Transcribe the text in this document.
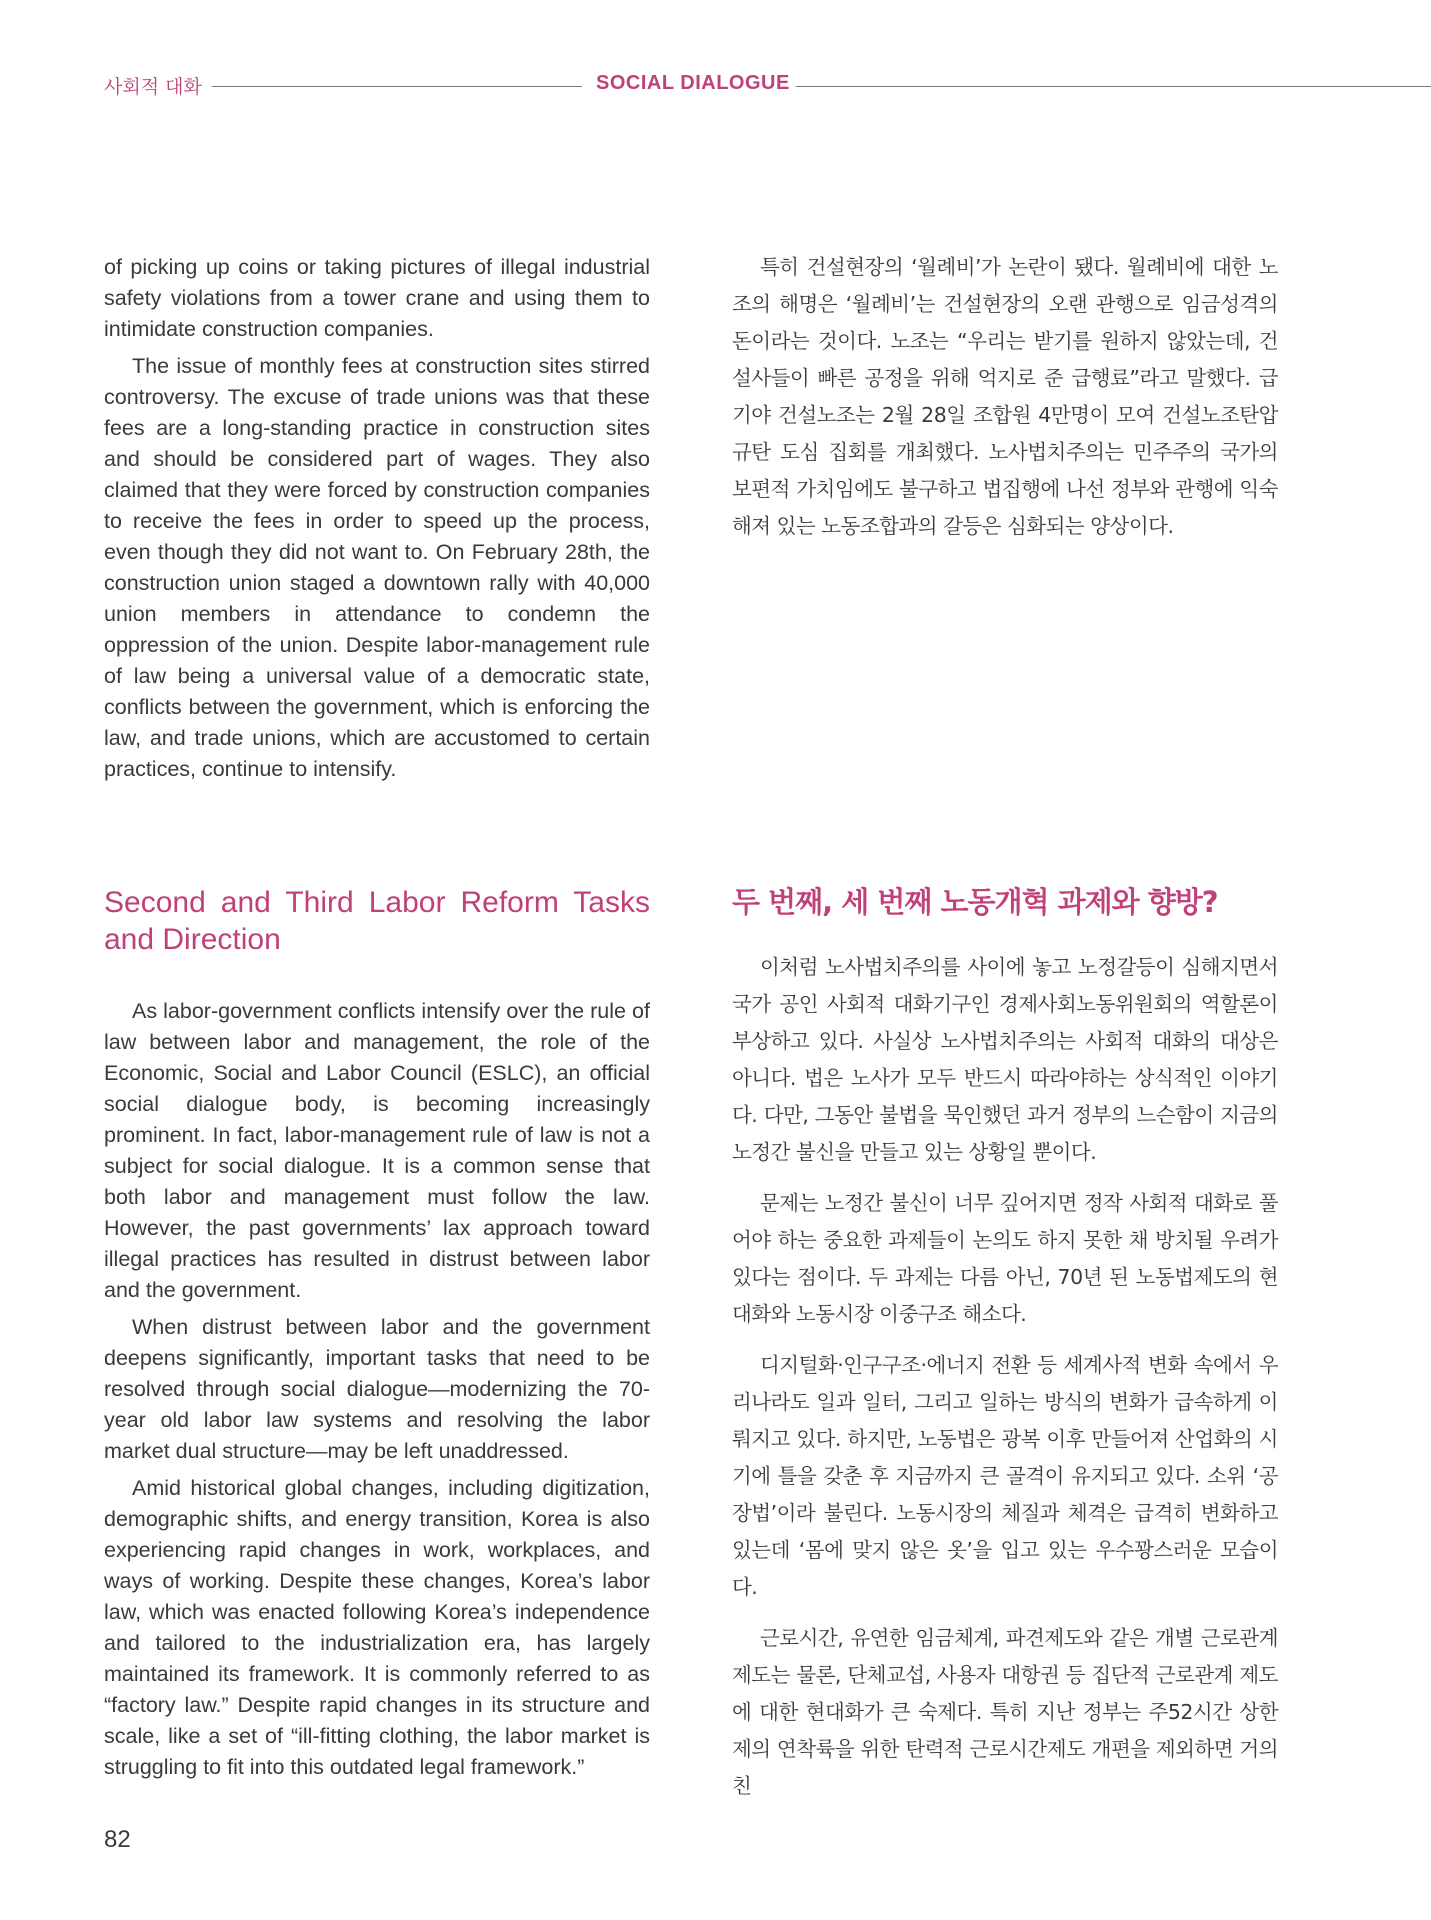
사회적 대화	SOCIAL DIALOGUE

of picking up coins or taking pictures of illegal industrial safety violations from a tower crane and using them to intimidate construction companies.

The issue of monthly fees at construction sites stirred controversy. The excuse of trade unions was that these fees are a long-standing practice in construction sites and should be considered part of wages. They also claimed that they were forced by construction companies to receive the fees in order to speed up the process, even though they did not want to. On February 28th, the construction union staged a downtown rally with 40,000 union members in attendance to condemn the oppression of the union. Despite labor-management rule of law being a universal value of a democratic state, conflicts between the government, which is enforcing the law, and trade unions, which are accustomed to certain practices, continue to intensify.

특히 건설현장의 ‘월례비’가 논란이 됐다. 월례비에 대한 노조의 해명은 ‘월례비’는 건설현장의 오랜 관행으로 임금성격의 돈이라는 것이다. 노조는 “우리는 받기를 원하지 않았는데, 건설사들이 빠른 공정을 위해 억지로 준 급행료”라고 말했다. 급기야 건설노조는 2월 28일 조합원 4만명이 모여 건설노조탄압 규탄 도심 집회를 개최했다. 노사법치주의는 민주주의 국가의 보편적 가치임에도 불구하고 법집행에 나선 정부와 관행에 익숙해져 있는 노동조합과의 갈등은 심화되는 양상이다.

Second and Third Labor Reform Tasks and Direction

As labor-government conflicts intensify over the rule of law between labor and management, the role of the Economic, Social and Labor Council (ESLC), an official social dialogue body, is becoming increasingly prominent. In fact, labor-management rule of law is not a subject for social dialogue. It is a common sense that both labor and management must follow the law. However, the past governments’ lax approach toward illegal practices has resulted in distrust between labor and the government.

When distrust between labor and the government deepens significantly, important tasks that need to be resolved through social dialogue—modernizing the 70-year old labor law systems and resolving the labor market dual structure—may be left unaddressed.

Amid historical global changes, including digitization, demographic shifts, and energy transition, Korea is also experiencing rapid changes in work, workplaces, and ways of working. Despite these changes, Korea’s labor law, which was enacted following Korea’s independence and tailored to the industrialization era, has largely maintained its framework. It is commonly referred to as “factory law.” Despite rapid changes in its structure and scale, like a set of “ill-fitting clothing, the labor market is struggling to fit into this outdated legal framework.”

두 번째, 세 번째 노동개혁 과제와 향방?

이처럼 노사법치주의를 사이에 놓고 노정갈등이 심해지면서 국가 공인 사회적 대화기구인 경제사회노동위원회의 역할론이 부상하고 있다. 사실상 노사법치주의는 사회적 대화의 대상은 아니다. 법은 노사가 모두 반드시 따라야하는 상식적인 이야기다. 다만, 그동안 불법을 묵인했던 과거 정부의 느슨함이 지금의 노정간 불신을 만들고 있는 상황일 뿐이다.

문제는 노정간 불신이 너무 깊어지면 정작 사회적 대화로 풀어야 하는 중요한 과제들이 논의도 하지 못한 채 방치될 우려가 있다는 점이다. 두 과제는 다름 아닌, 70년 된 노동법제도의 현대화와 노동시장 이중구조 해소다.

디지털화·인구구조·에너지 전환 등 세계사적 변화 속에서 우리나라도 일과 일터, 그리고 일하는 방식의 변화가 급속하게 이뤄지고 있다. 하지만, 노동법은 광복 이후 만들어져 산업화의 시기에 틀을 갖춘 후 지금까지 큰 골격이 유지되고 있다. 소위 ‘공장법’이라 불린다. 노동시장의 체질과 체격은 급격히 변화하고 있는데 ‘몸에 맞지 않은 옷’을 입고 있는 우수꽝스러운 모습이다.

근로시간, 유연한 임금체계, 파견제도와 같은 개별 근로관계 제도는 물론, 단체교섭, 사용자 대항권 등 집단적 근로관계 제도에 대한 현대화가 큰 숙제다. 특히 지난 정부는 주52시간 상한제의 연착륙을 위한 탄력적 근로시간제도 개편을 제외하면 거의 친

82
